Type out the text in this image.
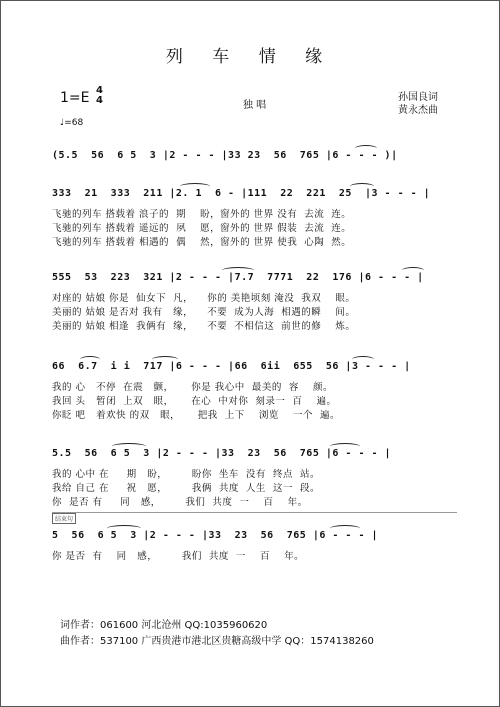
列 车 情 缘
1=E 4
4	独 唱
孙国良词
黄永杰曲
♩=68
(5.5  56  6 5  3 |2 - - - |33 23  56  765 |6 - - - )|
333  21  333  211 |2. 1  6 - |111  22  221  25  |3 - - - |
飞驰的列车 搭载着 浪子的  期    盼，窗外的 世界 没有  去流  连。
飞驰的列车 搭载着 遥远的  夙    愿，窗外的 世界 假装  去流  连。
飞驰的列车 搭载着 相遇的  偶    然，窗外的 世界 使我  心陶  然。
555  53  223  321 |2 - - - |7.7  7771  22  176 |6 - - - |
对座的 姑娘 你是  仙女下  凡，    你的 美艳顷刻 淹没  我双    眼。
美丽的 姑娘 是否对 我有   缘，    不要  成为人海  相遇的瞬    间。
美丽的 姑娘 相逢  我俩有  缘，    不要  不相信这  前世的修    炼。
66  6.7  i i  717 |6 - - - |66  6ii  655  56 |3 - - - |
我的 心   不停  在震   颤，     你是 我心中  最美的  容    颜。
我回 头   暂闭  上双   眼，     在心  中对你  刻录一  百    遍。
你眨 吧   着欢快 的双   眼，     把我  上下    浏览    一个  遍。
5.5  56  6 5  3 |2 - - - |33  23  56  765 |6 - - - |
我的 心中 在     期   盼，       盼你  坐车  没有  终点  站。
我给 自己 在     祝   愿，       我俩  共度  人生  这一  段。
你  是否 有     同   感，       我们  共度  一    百    年。
结束句
5  56  6 5  3 |2 - - - |33  23  56  765 |6 - - - |
你 是否  有    同   感，       我们  共度  一    百    年。
词作者：061600 河北沧州 QQ:1035960620
曲作者：537100 广西贵港市港北区贵糖高级中学 QQ：1574138260
